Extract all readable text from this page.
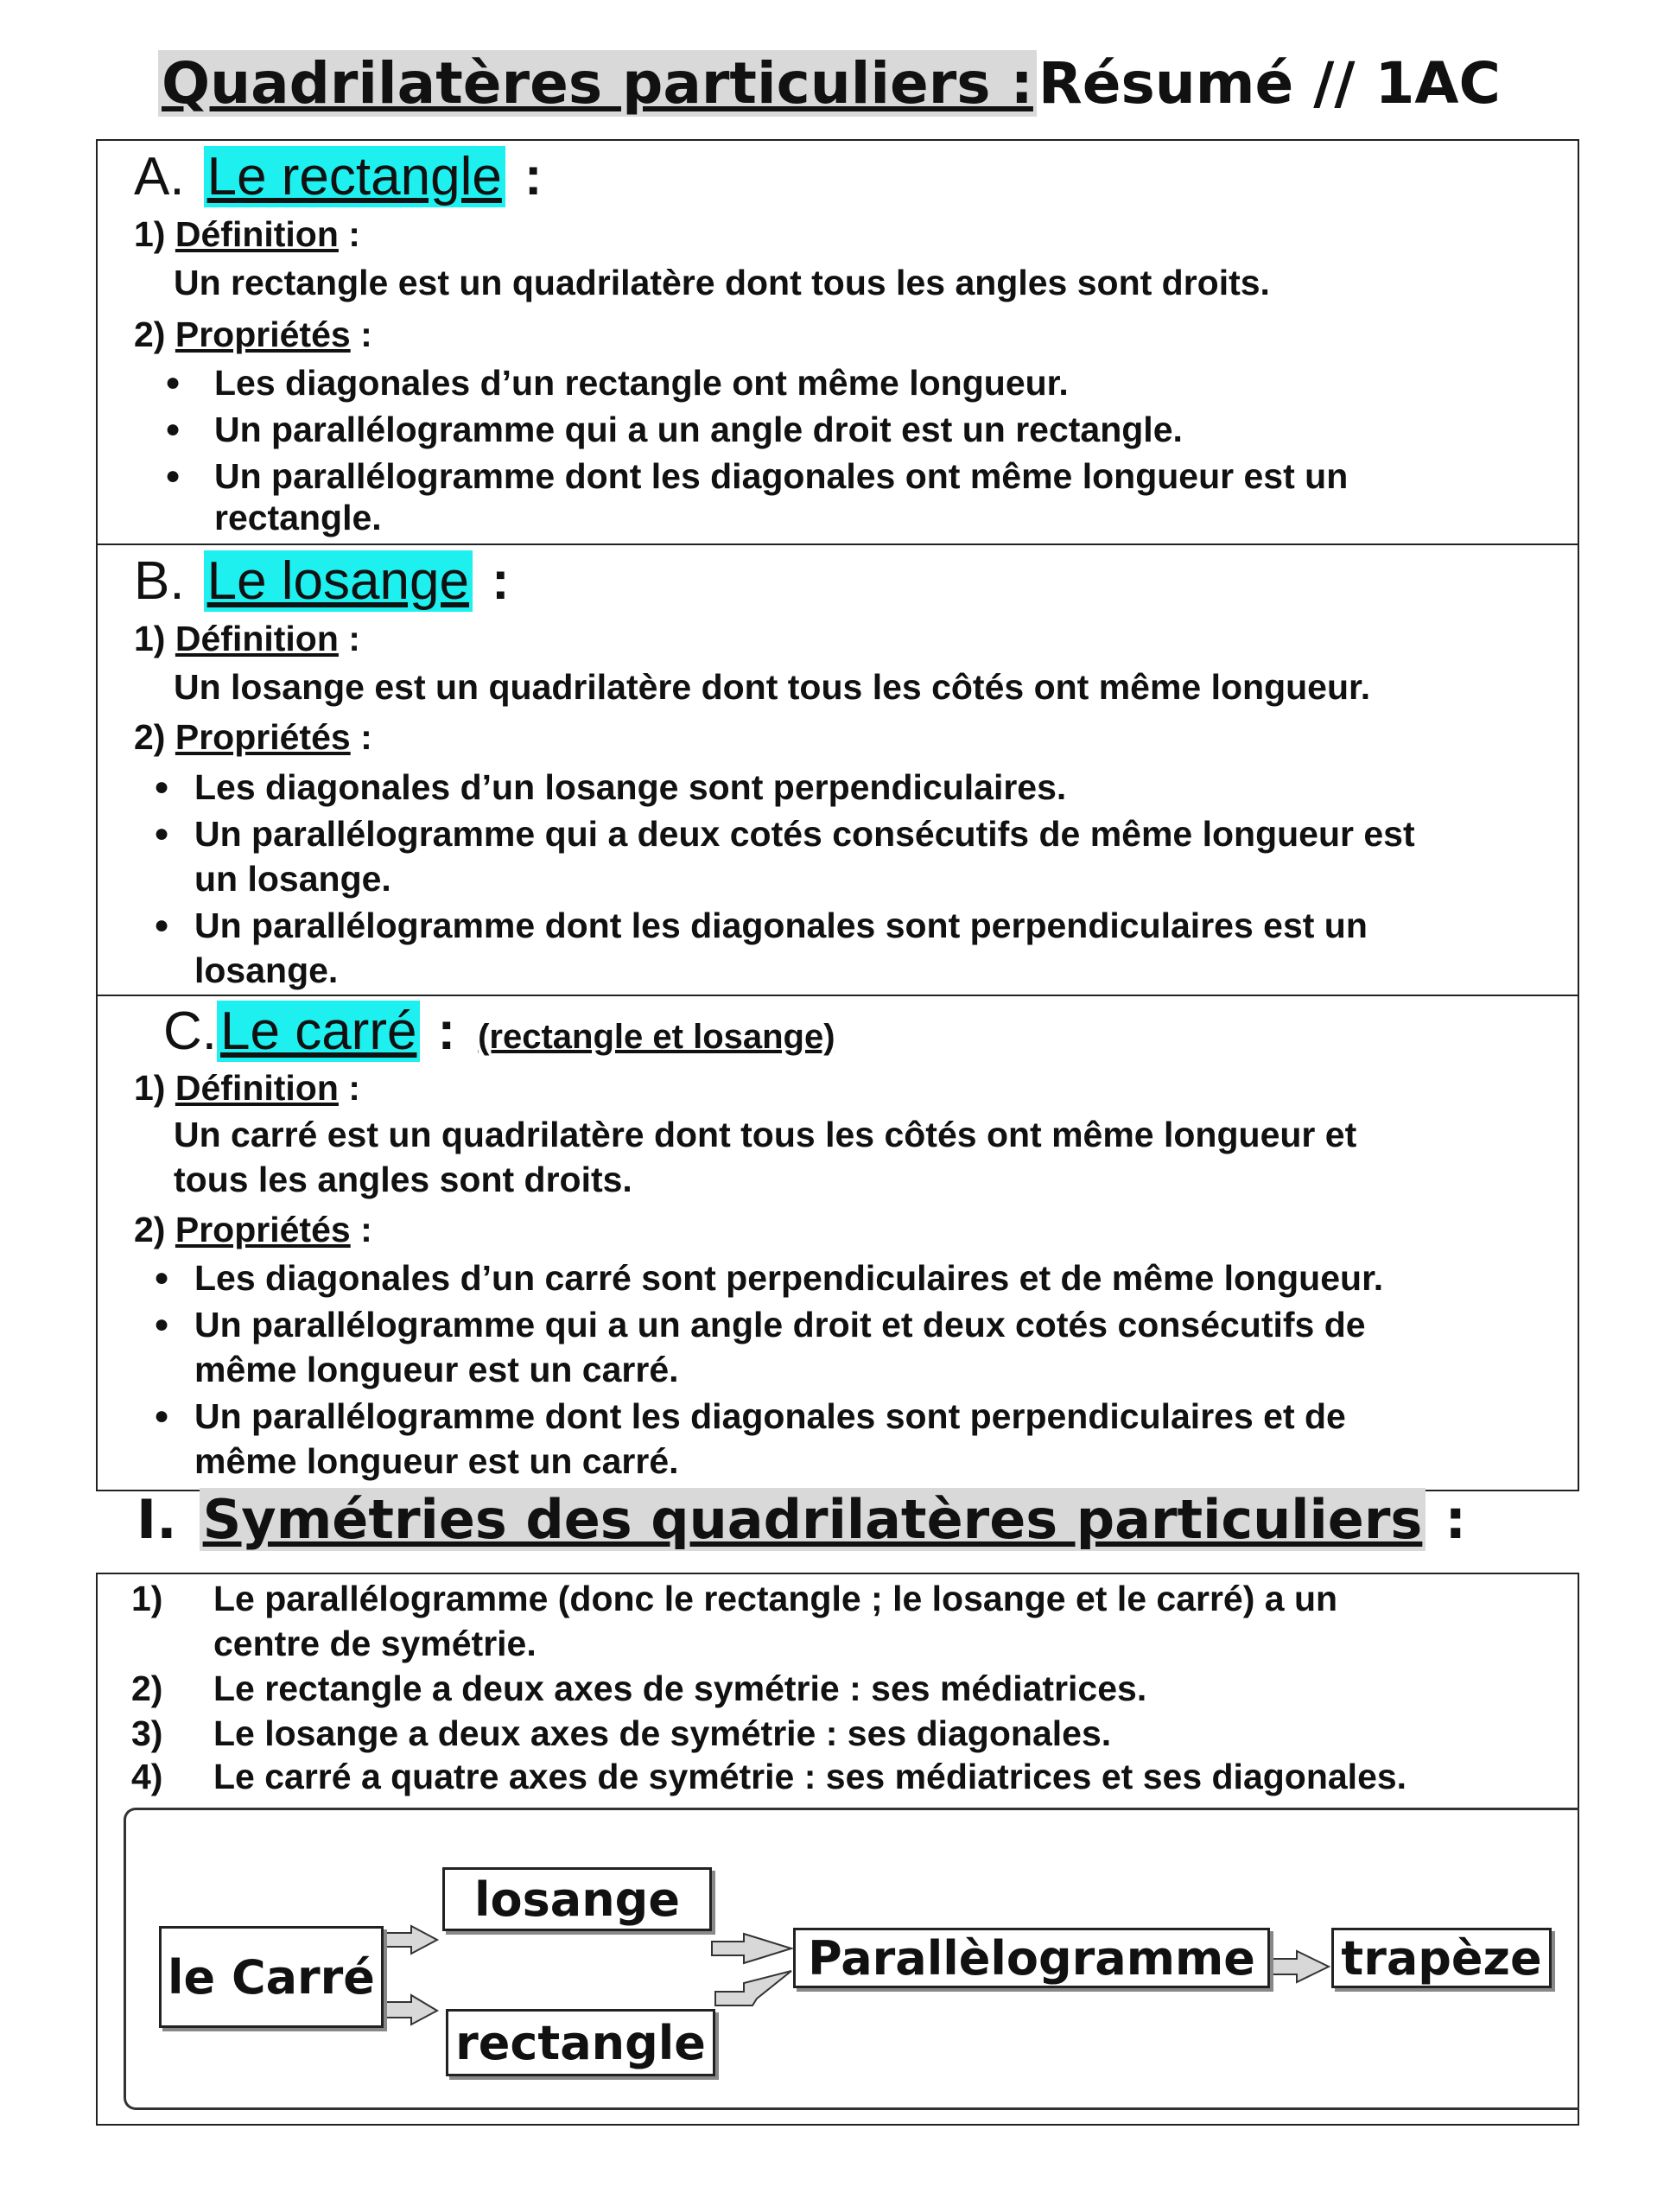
Quadrilatères particuliers : Résumé // 1AC
A. Le rectangle :
1) Définition :
Un rectangle est un quadrilatère dont tous les angles sont droits.
2) Propriétés :
● Les diagonales d’un rectangle ont même longueur.
● Un parallélogramme qui a un angle droit est un rectangle.
● Un parallélogramme dont les diagonales ont même longueur est un
rectangle.
B. Le losange :
1) Définition :
Un losange est un quadrilatère dont tous les côtés ont même longueur.
2) Propriétés :
● Les diagonales d’un losange sont perpendiculaires.
● Un parallélogramme qui a deux cotés consécutifs de même longueur est
un losange.
● Un parallélogramme dont les diagonales sont perpendiculaires est un
losange.
C. Le carré : (rectangle et losange)
1) Définition :
Un carré est un quadrilatère dont tous les côtés ont même longueur et
tous les angles sont droits.
2) Propriétés :
● Les diagonales d’un carré sont perpendiculaires et de même longueur.
● Un parallélogramme qui a un angle droit et deux cotés consécutifs de
même longueur est un carré.
● Un parallélogramme dont les diagonales sont perpendiculaires et de
même longueur est un carré.
I. Symétries des quadrilatères particuliers :
1) Le parallélogramme (donc le rectangle ; le losange et le carré) a un
centre de symétrie.
2) Le rectangle a deux axes de symétrie : ses médiatrices.
3) Le losange a deux axes de symétrie : ses diagonales.
4) Le carré a quatre axes de symétrie : ses médiatrices et ses diagonales.
le Carré
losange
rectangle
Parallèlogramme	trapèze
